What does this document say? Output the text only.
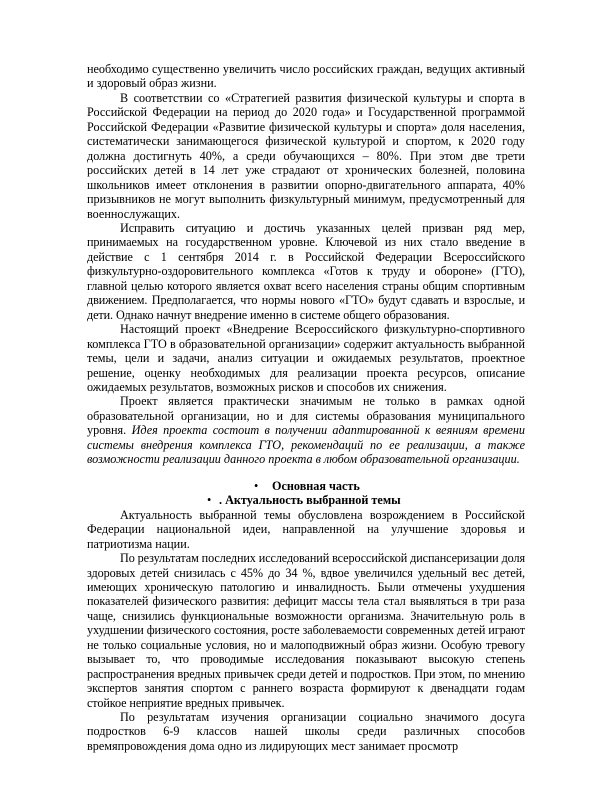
необходимо существенно увеличить число российских граждан, ведущих активный и здоровый образ жизни.

В соответствии со «Стратегией развития физической культуры и спорта в Российской Федерации на период до 2020 года» и Государственной программой Российской Федерации «Развитие физической культуры и спорта» доля населения, систематически занимающегося физической культурой и спортом, к 2020 году должна достигнуть 40%, а среди обучающихся – 80%. При этом две трети российских детей в 14 лет уже страдают от хронических болезней, половина школьников имеет отклонения в развитии опорно-двигательного аппарата, 40% призывников не могут выполнить физкультурный минимум, предусмотренный для военнослужащих.

Исправить ситуацию и достичь указанных целей призван ряд мер, принимаемых на государственном уровне. Ключевой из них стало введение в действие с 1 сентября 2014 г. в Российской Федерации Всероссийского физкультурно-оздоровительного комплекса «Готов к труду и обороне» (ГТО), главной целью которого является охват всего населения страны общим спортивным движением. Предполагается, что нормы нового «ГТО» будут сдавать и взрослые, и дети. Однако начнут внедрение именно в системе общего образования.

Настоящий проект «Внедрение Всероссийского физкультурно-спортивного комплекса ГТО в образовательной организации» содержит актуальность выбранной темы, цели и задачи, анализ ситуации и ожидаемых результатов, проектное решение, оценку необходимых для реализации проекта ресурсов, описание ожидаемых результатов, возможных рисков и способов их снижения.

Проект является практически значимым не только в рамках одной образовательной организации, но и для системы образования муниципального уровня. Идея проекта состоит в получении адаптированной к веяниям времени системы внедрения комплекса ГТО, рекомендаций по ее реализации, а также возможности реализации данного проекта в любом образовательной организации.

• Основная часть
• . Актуальность выбранной темы

Актуальность выбранной темы обусловлена возрождением в Российской Федерации национальной идеи, направленной на улучшение здоровья и патриотизма нации.

По результатам последних исследований всероссийской диспансеризации доля здоровых детей снизилась с 45% до 34 %, вдвое увеличился удельный вес детей, имеющих хроническую патологию и инвалидность. Были отмечены ухудшения показателей физического развития: дефицит массы тела стал выявляться в три раза чаще, снизились функциональные возможности организма. Значительную роль в ухудшении физического состояния, росте заболеваемости современных детей играют не только социальные условия, но и малоподвижный образ жизни. Особую тревогу вызывает то, что проводимые исследования показывают высокую степень распространения вредных привычек среди детей и подростков. При этом, по мнению экспертов занятия спортом с раннего возраста формируют к двенадцати годам стойкое неприятие вредных привычек.

По результатам изучения организации социально значимого досуга подростков 6-9 классов нашей школы среди различных способов времяпровождения дома одно из лидирующих мест занимает просмотр
